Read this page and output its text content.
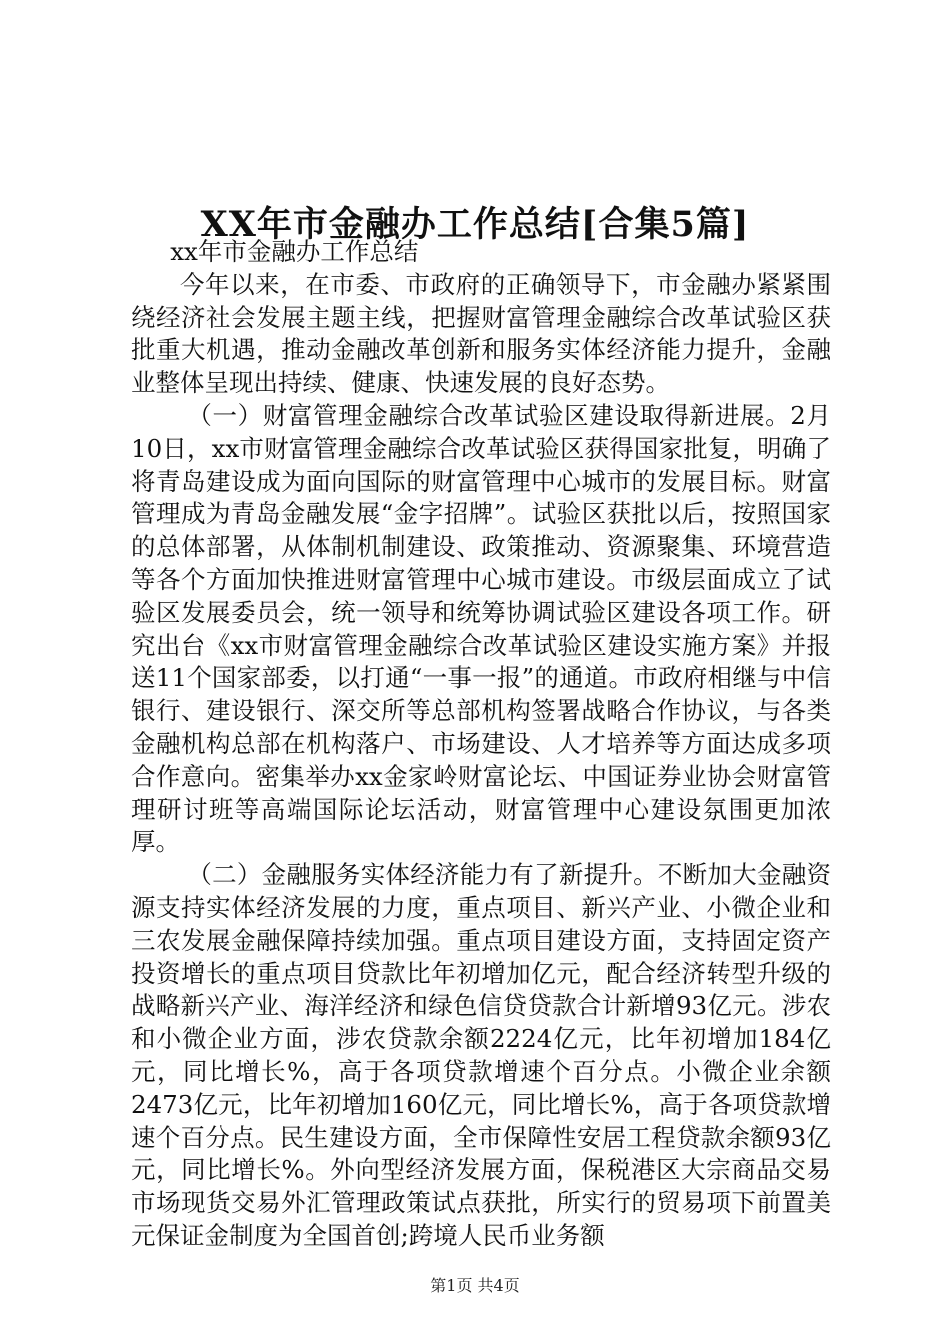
XX年市金融办工作总结[合集5篇]

xx年市金融办工作总结

今年以来，在市委、市政府的正确领导下，市金融办紧紧围绕经济社会发展主题主线，把握财富管理金融综合改革试验区获批重大机遇，推动金融改革创新和服务实体经济能力提升，金融业整体呈现出持续、健康、快速发展的良好态势。

（一）财富管理金融综合改革试验区建设取得新进展。2月10日，xx市财富管理金融综合改革试验区获得国家批复，明确了将青岛建设成为面向国际的财富管理中心城市的发展目标。财富管理成为青岛金融发展“金字招牌”。试验区获批以后，按照国家的总体部署，从体制机制建设、政策推动、资源聚集、环境营造等各个方面加快推进财富管理中心城市建设。市级层面成立了试验区发展委员会，统一领导和统筹协调试验区建设各项工作。研究出台《xx市财富管理金融综合改革试验区建设实施方案》并报送11个国家部委，以打通“一事一报”的通道。市政府相继与中信银行、建设银行、深交所等总部机构签署战略合作协议，与各类金融机构总部在机构落户、市场建设、人才培养等方面达成多项合作意向。密集举办xx金家岭财富论坛、中国证券业协会财富管理研讨班等高端国际论坛活动，财富管理中心建设氛围更加浓厚。

（二）金融服务实体经济能力有了新提升。不断加大金融资源支持实体经济发展的力度，重点项目、新兴产业、小微企业和三农发展金融保障持续加强。重点项目建设方面，支持固定资产投资增长的重点项目贷款比年初增加亿元，配合经济转型升级的战略新兴产业、海洋经济和绿色信贷贷款合计新增93亿元。涉农和小微企业方面，涉农贷款余额2224亿元，比年初增加184亿元，同比增长%，高于各项贷款增速个百分点。小微企业余额2473亿元，比年初增加160亿元，同比增长%，高于各项贷款增速个百分点。民生建设方面，全市保障性安居工程贷款余额93亿元，同比增长%。外向型经济发展方面，保税港区大宗商品交易市场现货交易外汇管理政策试点获批，所实行的贸易项下前置美元保证金制度为全国首创;跨境人民币业务额

第1页 共4页
